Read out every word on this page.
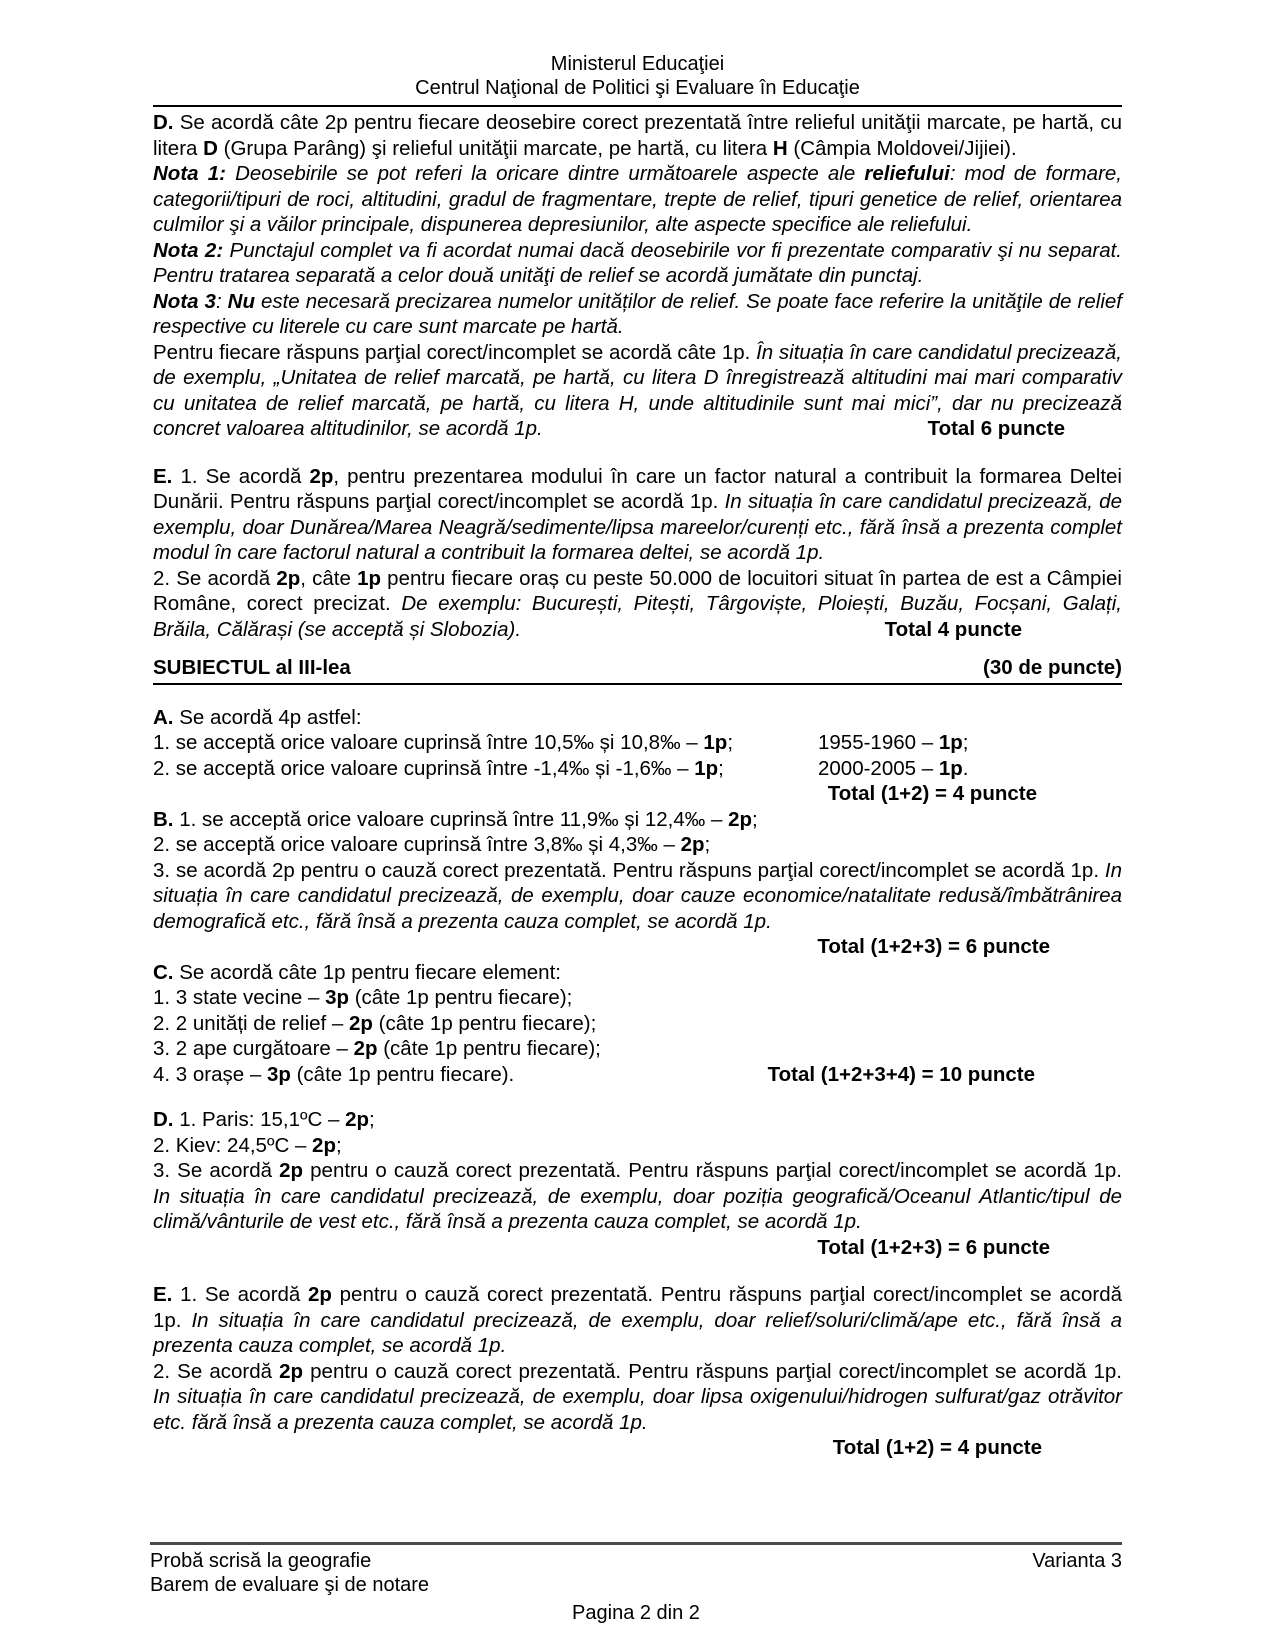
Ministerul Educaţiei
Centrul Naţional de Politici şi Evaluare în Educaţie

D. Se acordă câte 2p pentru fiecare deosebire corect prezentată între relieful unităţii marcate, pe hartă, cu litera D (Grupa Parâng) şi relieful unităţii marcate, pe hartă, cu litera H (Câmpia Moldovei/Jijiei).

Nota 1: Deosebirile se pot referi la oricare dintre următoarele aspecte ale reliefului: mod de formare, categorii/tipuri de roci, altitudini, gradul de fragmentare, trepte de relief, tipuri genetice de relief, orientarea culmilor şi a văilor principale, dispunerea depresiunilor, alte aspecte specifice ale reliefului.

Nota 2: Punctajul complet va fi acordat numai dacă deosebirile vor fi prezentate comparativ şi nu separat. Pentru tratarea separată a celor două unităţi de relief se acordă jumătate din punctaj.

Nota 3: Nu este necesară precizarea numelor unităților de relief. Se poate face referire la unităţile de relief respective cu literele cu care sunt marcate pe hartă.

Pentru fiecare răspuns parţial corect/incomplet se acordă câte 1p. În situația în care candidatul precizează, de exemplu, „Unitatea de relief marcată, pe hartă, cu litera D înregistrează altitudini mai mari comparativ cu unitatea de relief marcată, pe hartă, cu litera H, unde altitudinile sunt mai mici”, dar nu precizează concret valoarea altitudinilor, se acordă 1p.	Total 6 puncte

E. 1. Se acordă 2p, pentru prezentarea modului în care un factor natural a contribuit la formarea Deltei Dunării. Pentru răspuns parţial corect/incomplet se acordă 1p. In situația în care candidatul precizează, de exemplu, doar Dunărea/Marea Neagră/sedimente/lipsa mareelor/curenți etc., fără însă a prezenta complet modul în care factorul natural a contribuit la formarea deltei, se acordă 1p.

2. Se acordă 2p, câte 1p pentru fiecare oraș cu peste 50.000 de locuitori situat în partea de est a Câmpiei Române, corect precizat. De exemplu: București, Pitești, Târgoviște, Ploiești, Buzău, Focșani, Galați, Brăila, Călărași (se acceptă și Slobozia).	Total 4 puncte
SUBIECTUL al III-lea	(30 de puncte)

A. Se acordă 4p astfel:

1. se acceptă orice valoare cuprinsă între 10,5‰ și 10,8‰ – 1p;	1955-1960 – 1p;
2. se acceptă orice valoare cuprinsă între -1,4‰ și -1,6‰ – 1p;	2000-2005 – 1p.
Total (1+2) = 4 puncte

B. 1. se acceptă orice valoare cuprinsă între 11,9‰ și 12,4‰ – 2p;

2. se acceptă orice valoare cuprinsă între 3,8‰ și 4,3‰ – 2p;

3. se acordă 2p pentru o cauză corect prezentată. Pentru răspuns parţial corect/incomplet se acordă 1p. In situația în care candidatul precizează, de exemplu, doar cauze economice/natalitate redusă/îmbătrânirea demografică etc., fără însă a prezenta cauza complet, se acordă 1p.

Total (1+2+3) = 6 puncte

C. Se acordă câte 1p pentru fiecare element:

1. 3 state vecine – 3p (câte 1p pentru fiecare);

2. 2 unități de relief – 2p (câte 1p pentru fiecare);

3. 2 ape curgătoare – 2p (câte 1p pentru fiecare);

4. 3 orașe – 3p (câte 1p pentru fiecare).	Total (1+2+3+4) = 10 puncte

D. 1. Paris: 15,1ºC – 2p;

2. Kiev: 24,5ºC – 2p;

3. Se acordă 2p pentru o cauză corect prezentată. Pentru răspuns parţial corect/incomplet se acordă 1p. In situația în care candidatul precizează, de exemplu, doar poziția geografică/Oceanul Atlantic/tipul de climă/vânturile de vest etc., fără însă a prezenta cauza complet, se acordă 1p.

Total (1+2+3) = 6 puncte

E. 1. Se acordă 2p pentru o cauză corect prezentată. Pentru răspuns parţial corect/incomplet se acordă 1p. In situația în care candidatul precizează, de exemplu, doar relief/soluri/climă/ape etc., fără însă a prezenta cauza complet, se acordă 1p.

2. Se acordă 2p pentru o cauză corect prezentată. Pentru răspuns parţial corect/incomplet se acordă 1p. In situația în care candidatul precizează, de exemplu, doar lipsa oxigenului/hidrogen sulfurat/gaz otrăvitor etc. fără însă a prezenta cauza complet, se acordă 1p.

Total (1+2) = 4 puncte
Probă scrisă la geografie	Varianta 3
Barem de evaluare şi de notare
Pagina 2 din 2
